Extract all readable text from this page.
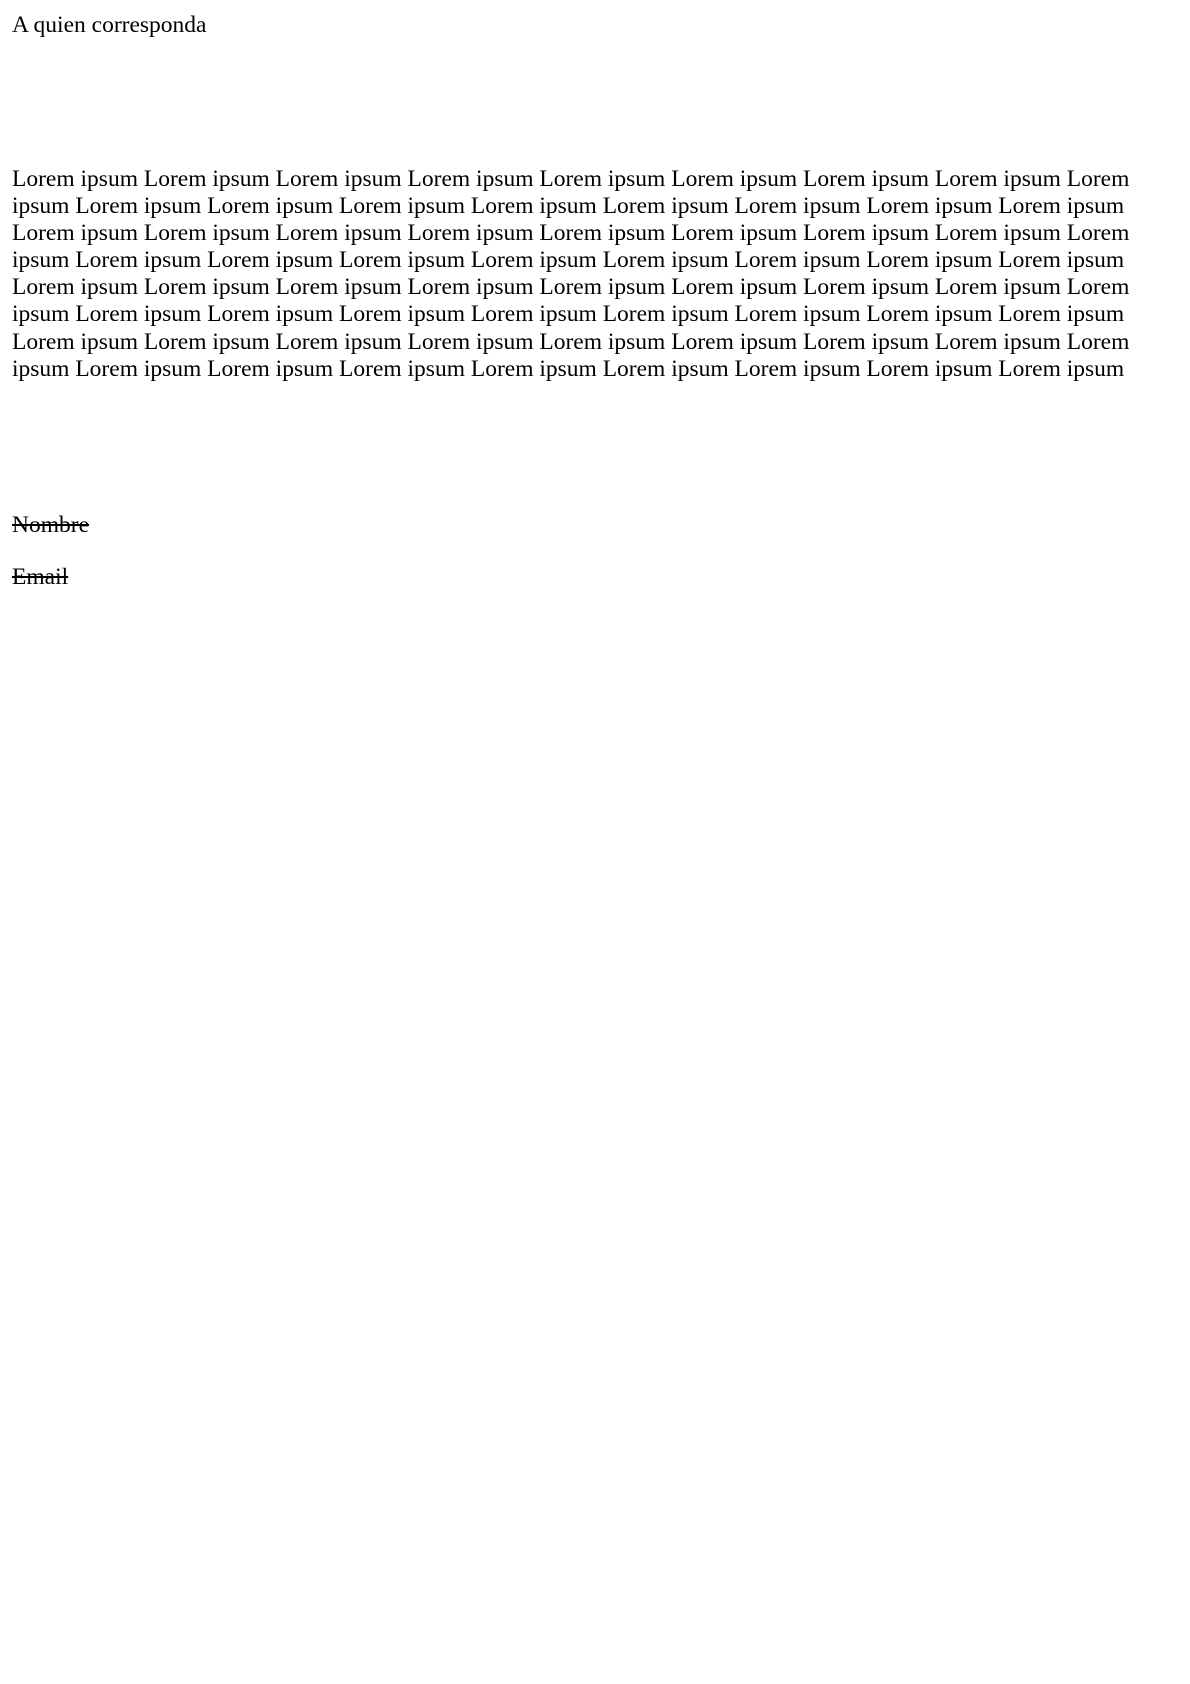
A quien corresponda

Lorem ipsum Lorem ipsum Lorem ipsum Lorem ipsum Lorem ipsum Lorem ipsum Lorem ipsum Lorem ipsum Lorem ipsum Lorem ipsum Lorem ipsum Lorem ipsum Lorem ipsum Lorem ipsum Lorem ipsum Lorem ipsum Lorem ipsum Lorem ipsum Lorem ipsum Lorem ipsum Lorem ipsum Lorem ipsum Lorem ipsum Lorem ipsum Lorem ipsum Lorem ipsum Lorem ipsum Lorem ipsum Lorem ipsum Lorem ipsum Lorem ipsum Lorem ipsum Lorem ipsum Lorem ipsum Lorem ipsum Lorem ipsum Lorem ipsum Lorem ipsum Lorem ipsum Lorem ipsum Lorem ipsum Lorem ipsum Lorem ipsum Lorem ipsum Lorem ipsum Lorem ipsum Lorem ipsum Lorem ipsum Lorem ipsum Lorem ipsum Lorem ipsum Lorem ipsum Lorem ipsum Lorem ipsum Lorem ipsum Lorem ipsum Lorem ipsum Lorem ipsum Lorem ipsum Lorem ipsum Lorem ipsum Lorem ipsum Lorem ipsum Lorem ipsum Lorem ipsum Lorem ipsum Lorem ipsum Lorem ipsum

Nombre

Email
